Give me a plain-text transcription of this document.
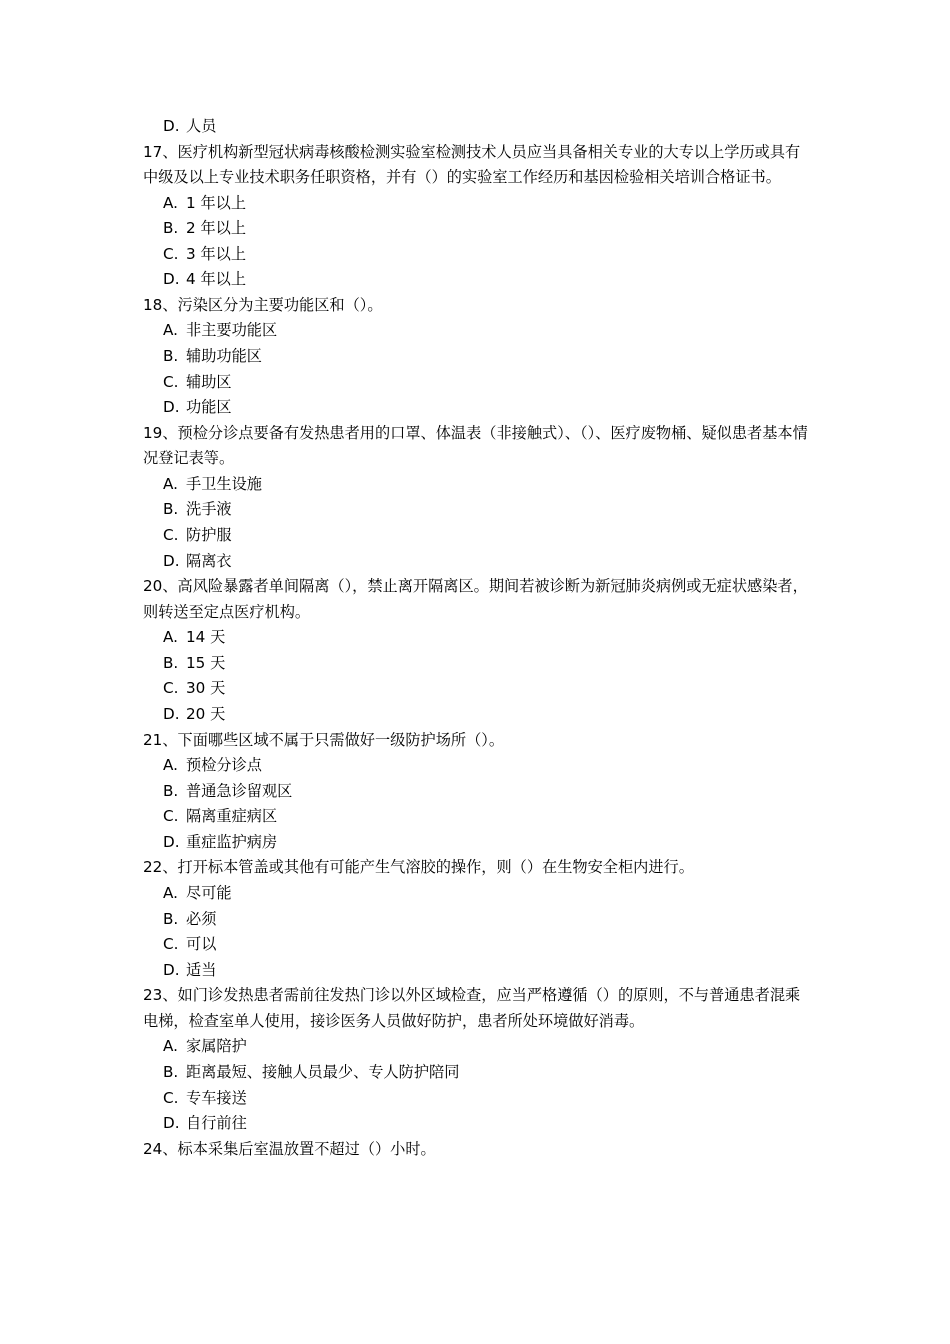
D. 人员
17、医疗机构新型冠状病毒核酸检测实验室检测技术人员应当具备相关专业的大专以上学历或具有中级及以上专业技术职务任职资格，并有（）的实验室工作经历和基因检验相关培训合格证书。
A. 1 年以上
B. 2 年以上
C. 3 年以上
D. 4 年以上
18、污染区分为主要功能区和（）。
A. 非主要功能区
B. 辅助功能区
C. 辅助区
D. 功能区
19、预检分诊点要备有发热患者用的口罩、体温表（非接触式）、（）、医疗废物桶、疑似患者基本情况登记表等。
A. 手卫生设施
B. 洗手液
C. 防护服
D. 隔离衣
20、高风险暴露者单间隔离（），禁止离开隔离区。期间若被诊断为新冠肺炎病例或无症状感染者，则转送至定点医疗机构。
A. 14 天
B. 15 天
C. 30 天
D. 20 天
21、下面哪些区域不属于只需做好一级防护场所（）。
A. 预检分诊点
B. 普通急诊留观区
C. 隔离重症病区
D. 重症监护病房
22、打开标本管盖或其他有可能产生气溶胶的操作，则（）在生物安全柜内进行。
A. 尽可能
B. 必须
C. 可以
D. 适当
23、如门诊发热患者需前往发热门诊以外区域检查，应当严格遵循（）的原则，不与普通患者混乘电梯，检查室单人使用，接诊医务人员做好防护，患者所处环境做好消毒。
A. 家属陪护
B. 距离最短、接触人员最少、专人防护陪同
C. 专车接送
D. 自行前往
24、标本采集后室温放置不超过（）小时。
